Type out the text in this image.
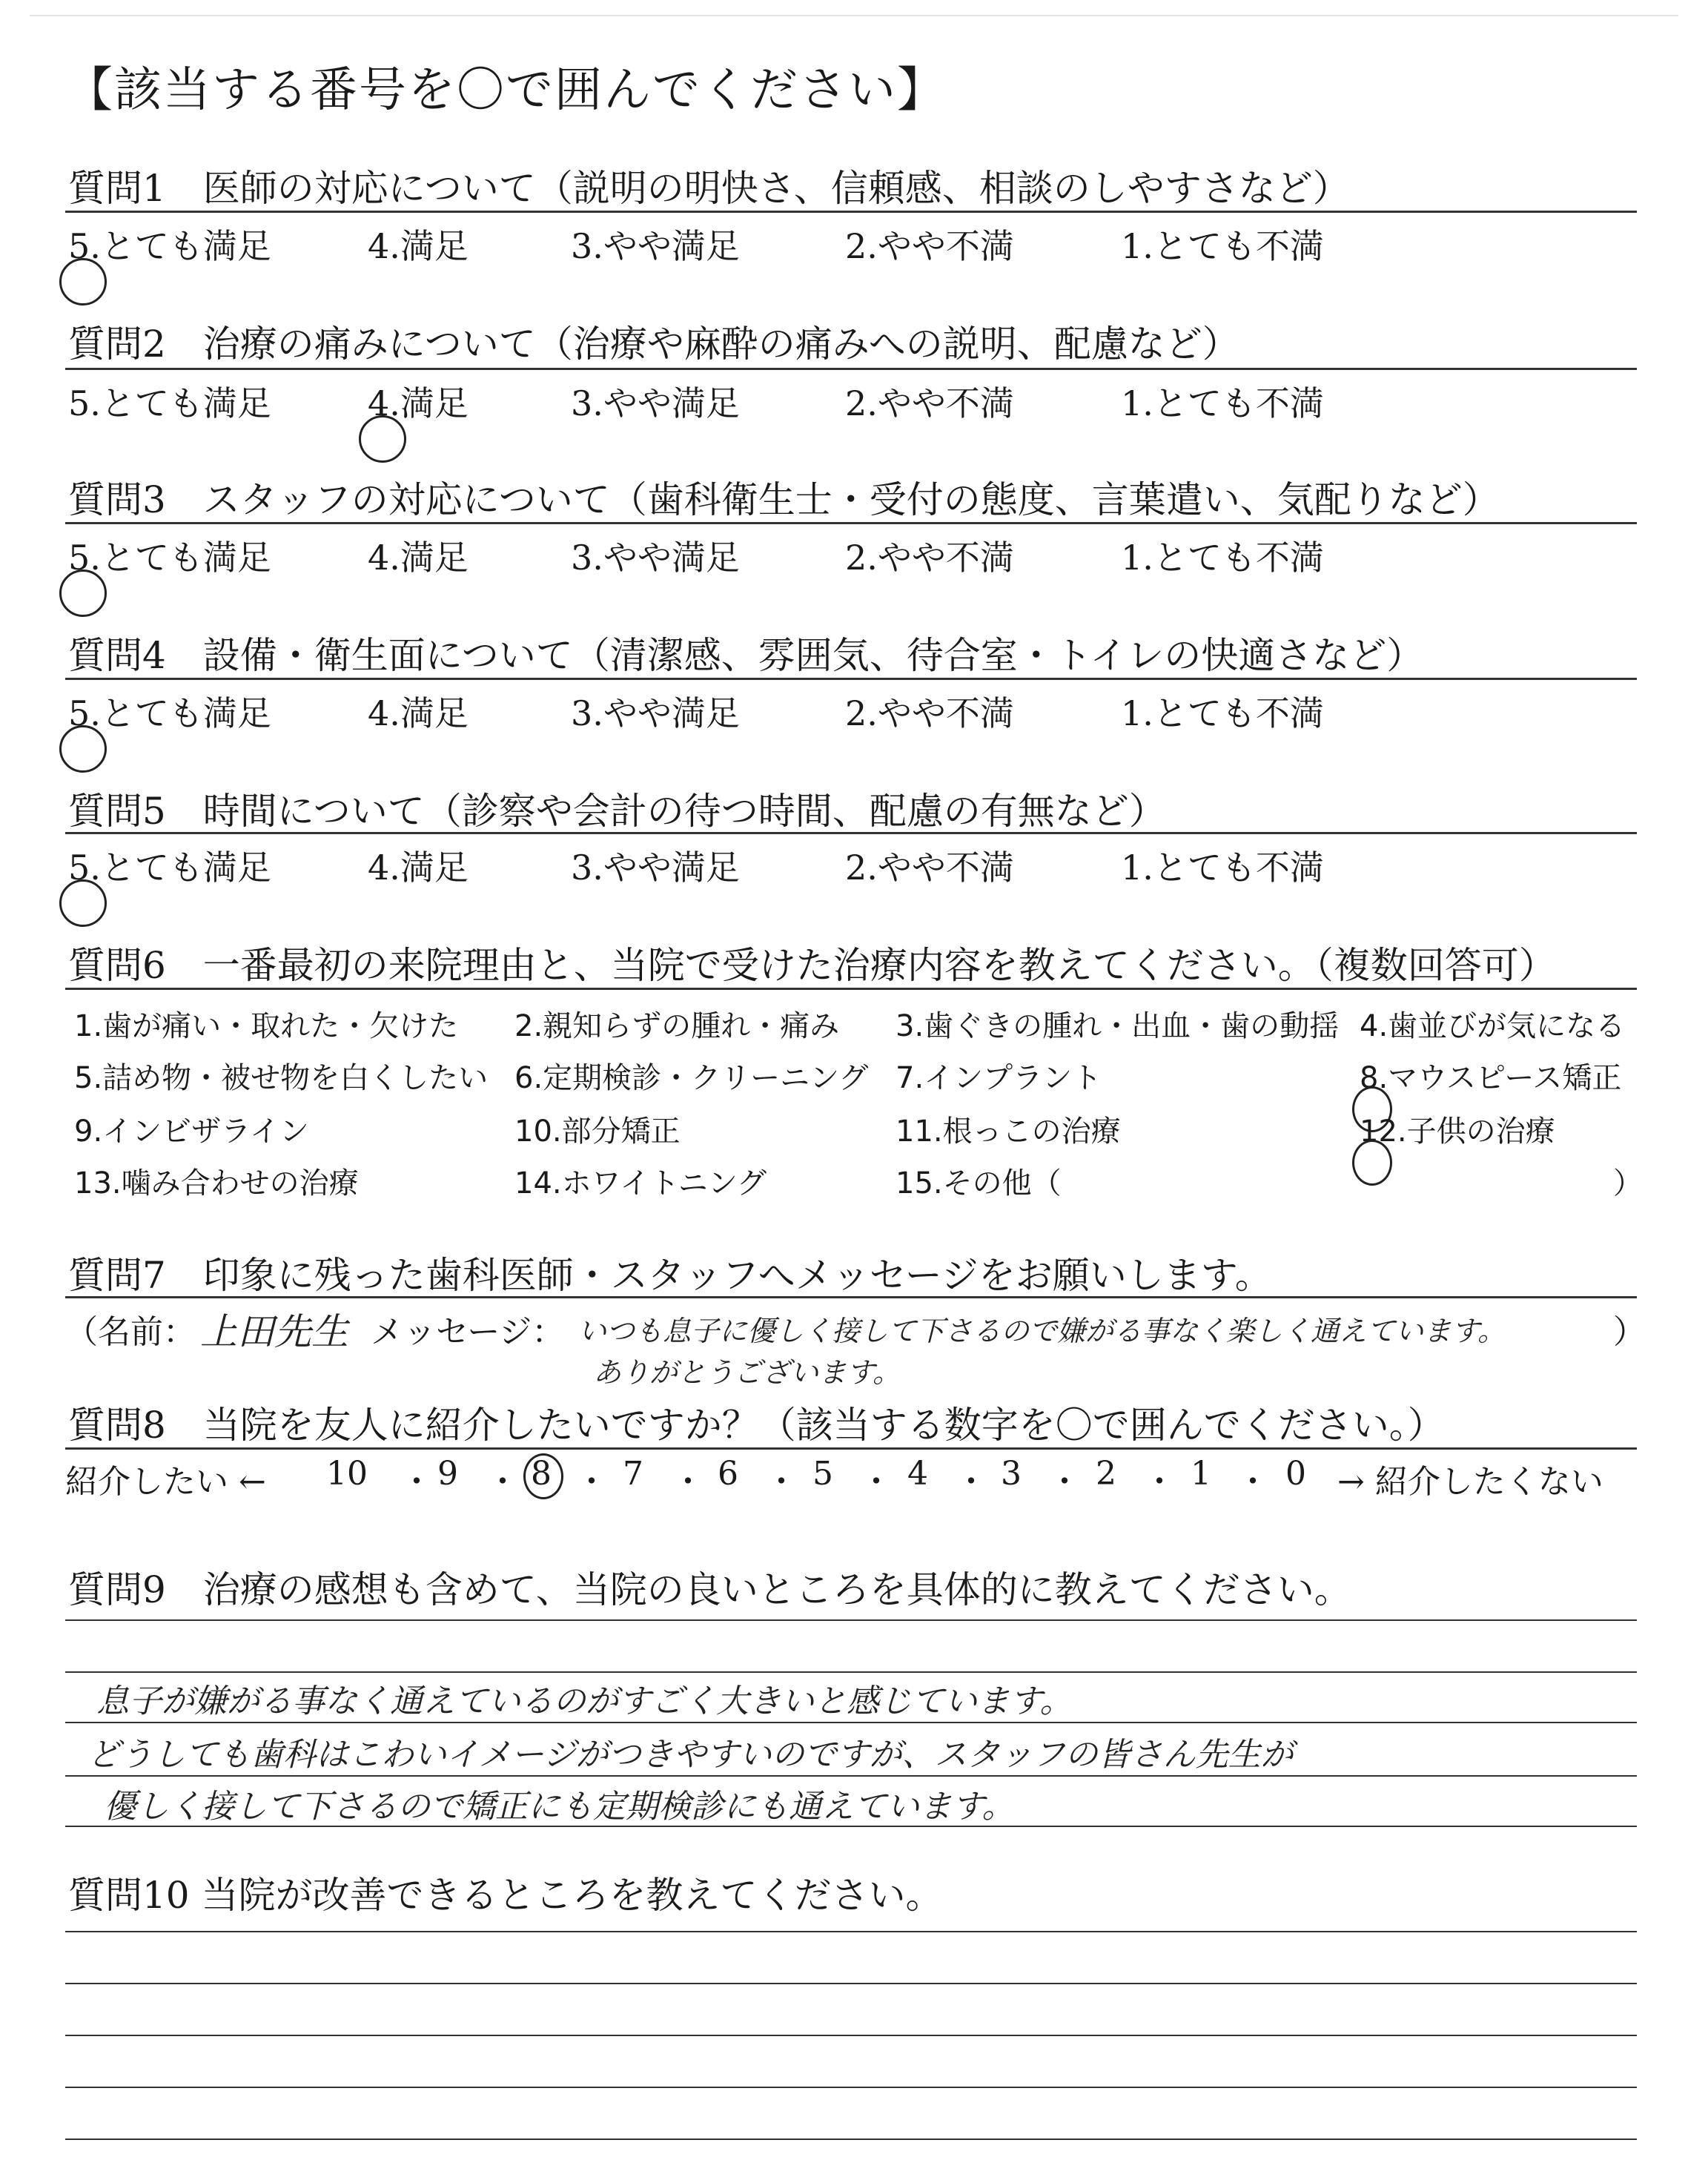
【該当する番号を〇で囲んでください】
質問1　医師の対応について（説明の明快さ、信頼感、相談のしやすさなど）
5.とても満足	4.満足	3.やや満足	2.やや不満	1.とても不満
質問2　治療の痛みについて（治療や麻酔の痛みへの説明、配慮など）
5.とても満足	4.満足	3.やや満足	2.やや不満	1.とても不満
質問3　スタッフの対応について（歯科衛生士・受付の態度、言葉遣い、気配りなど）
5.とても満足	4.満足	3.やや満足	2.やや不満	1.とても不満
質問4　設備・衛生面について（清潔感、雰囲気、待合室・トイレの快適さなど）
5.とても満足	4.満足	3.やや満足	2.やや不満	1.とても不満
質問5　時間について（診察や会計の待つ時間、配慮の有無など）
5.とても満足	4.満足	3.やや満足	2.やや不満	1.とても不満
質問6　一番最初の来院理由と、当院で受けた治療内容を教えてください。（複数回答可）
1.歯が痛い・取れた・欠けた 2.親知らずの腫れ・痛み 3.歯ぐきの腫れ・出血・歯の動揺 4.歯並びが気になる
5.詰め物・被せ物を白くしたい 6.定期検診・クリーニング 7.インプラント	8.マウスピース矯正
9.インビザライン	10.部分矯正	11.根っこの治療	12.子供の治療
13.噛み合わせの治療	14.ホワイトニング	15.その他（	）
質問7　印象に残った歯科医師・スタッフへメッセージをお願いします。
（名前： 上田先生 メッセージ： いつも息子に優しく接して下さるので嫌がる事なく楽しく通えています。
ありがとうございます。
）
質問8　当院を友人に紹介したいですか？（該当する数字を〇で囲んでください。）
紹介したい ← 10 ・ 9 ・ 8 ・ 7 ・ 6 ・ 5 ・ 4 ・ 3 ・ 2 ・ 1 ・ 0 → 紹介したくない
質問9　治療の感想も含めて、当院の良いところを具体的に教えてください。
息子が嫌がる事なく通えているのがすごく大きいと感じています。
どうしても歯科はこわいイメージがつきやすいのですが、スタッフの皆さん先生が
優しく接して下さるので矯正にも定期検診にも通えています。
質問10 当院が改善できるところを教えてください。
